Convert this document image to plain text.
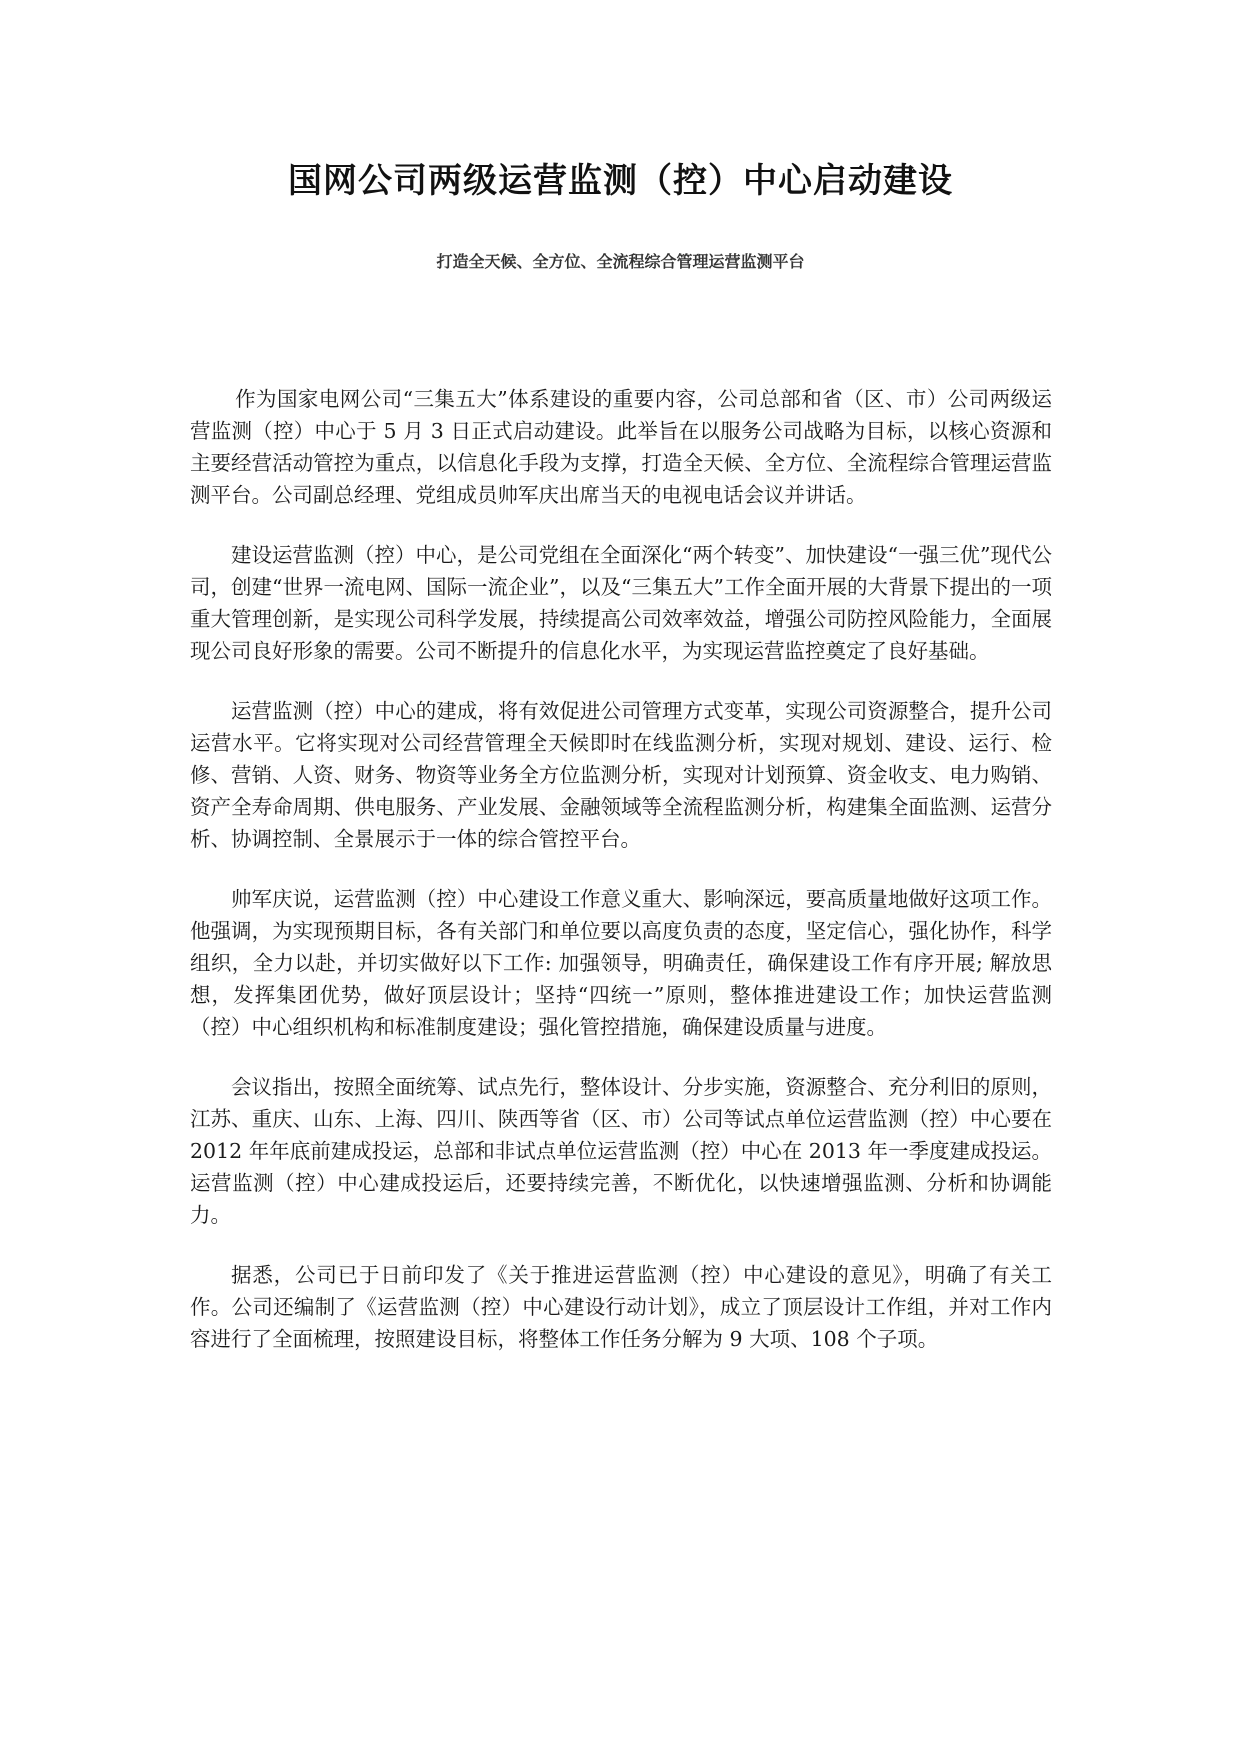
国网公司两级运营监测（控）中心启动建设
打造全天候、全方位、全流程综合管理运营监测平台

作为国家电网公司“三集五大”体系建设的重要内容，公司总部和省（区、市）公司两级运营监测（控）中心于 5 月 3 日正式启动建设。此举旨在以服务公司战略为目标，以核心资源和主要经营活动管控为重点，以信息化手段为支撑，打造全天候、全方位、全流程综合管理运营监测平台。公司副总经理、党组成员帅军庆出席当天的电视电话会议并讲话。

建设运营监测（控）中心，是公司党组在全面深化“两个转变”、加快建设“一强三优”现代公司，创建“世界一流电网、国际一流企业”，以及“三集五大”工作全面开展的大背景下提出的一项重大管理创新，是实现公司科学发展，持续提高公司效率效益，增强公司防控风险能力，全面展现公司良好形象的需要。公司不断提升的信息化水平，为实现运营监控奠定了良好基础。

运营监测（控）中心的建成，将有效促进公司管理方式变革，实现公司资源整合，提升公司运营水平。它将实现对公司经营管理全天候即时在线监测分析，实现对规划、建设、运行、检修、营销、人资、财务、物资等业务全方位监测分析，实现对计划预算、资金收支、电力购销、资产全寿命周期、供电服务、产业发展、金融领域等全流程监测分析，构建集全面监测、运营分析、协调控制、全景展示于一体的综合管控平台。

帅军庆说，运营监测（控）中心建设工作意义重大、影响深远，要高质量地做好这项工作。他强调，为实现预期目标，各有关部门和单位要以高度负责的态度，坚定信心，强化协作，科学组织，全力以赴，并切实做好以下工作: 加强领导，明确责任，确保建设工作有序开展; 解放思想，发挥集团优势，做好顶层设计；坚持“四统一”原则，整体推进建设工作；加快运营监测（控）中心组织机构和标准制度建设；强化管控措施，确保建设质量与进度。

会议指出，按照全面统筹、试点先行，整体设计、分步实施，资源整合、充分利旧的原则，江苏、重庆、山东、上海、四川、陕西等省（区、市）公司等试点单位运营监测（控）中心要在 2012 年年底前建成投运，总部和非试点单位运营监测（控）中心在 2013 年一季度建成投运。运营监测（控）中心建成投运后，还要持续完善，不断优化，以快速增强监测、分析和协调能力。

据悉，公司已于日前印发了《关于推进运营监测（控）中心建设的意见》，明确了有关工作。公司还编制了《运营监测（控）中心建设行动计划》，成立了顶层设计工作组，并对工作内容进行了全面梳理，按照建设目标，将整体工作任务分解为 9 大项、108 个子项。
